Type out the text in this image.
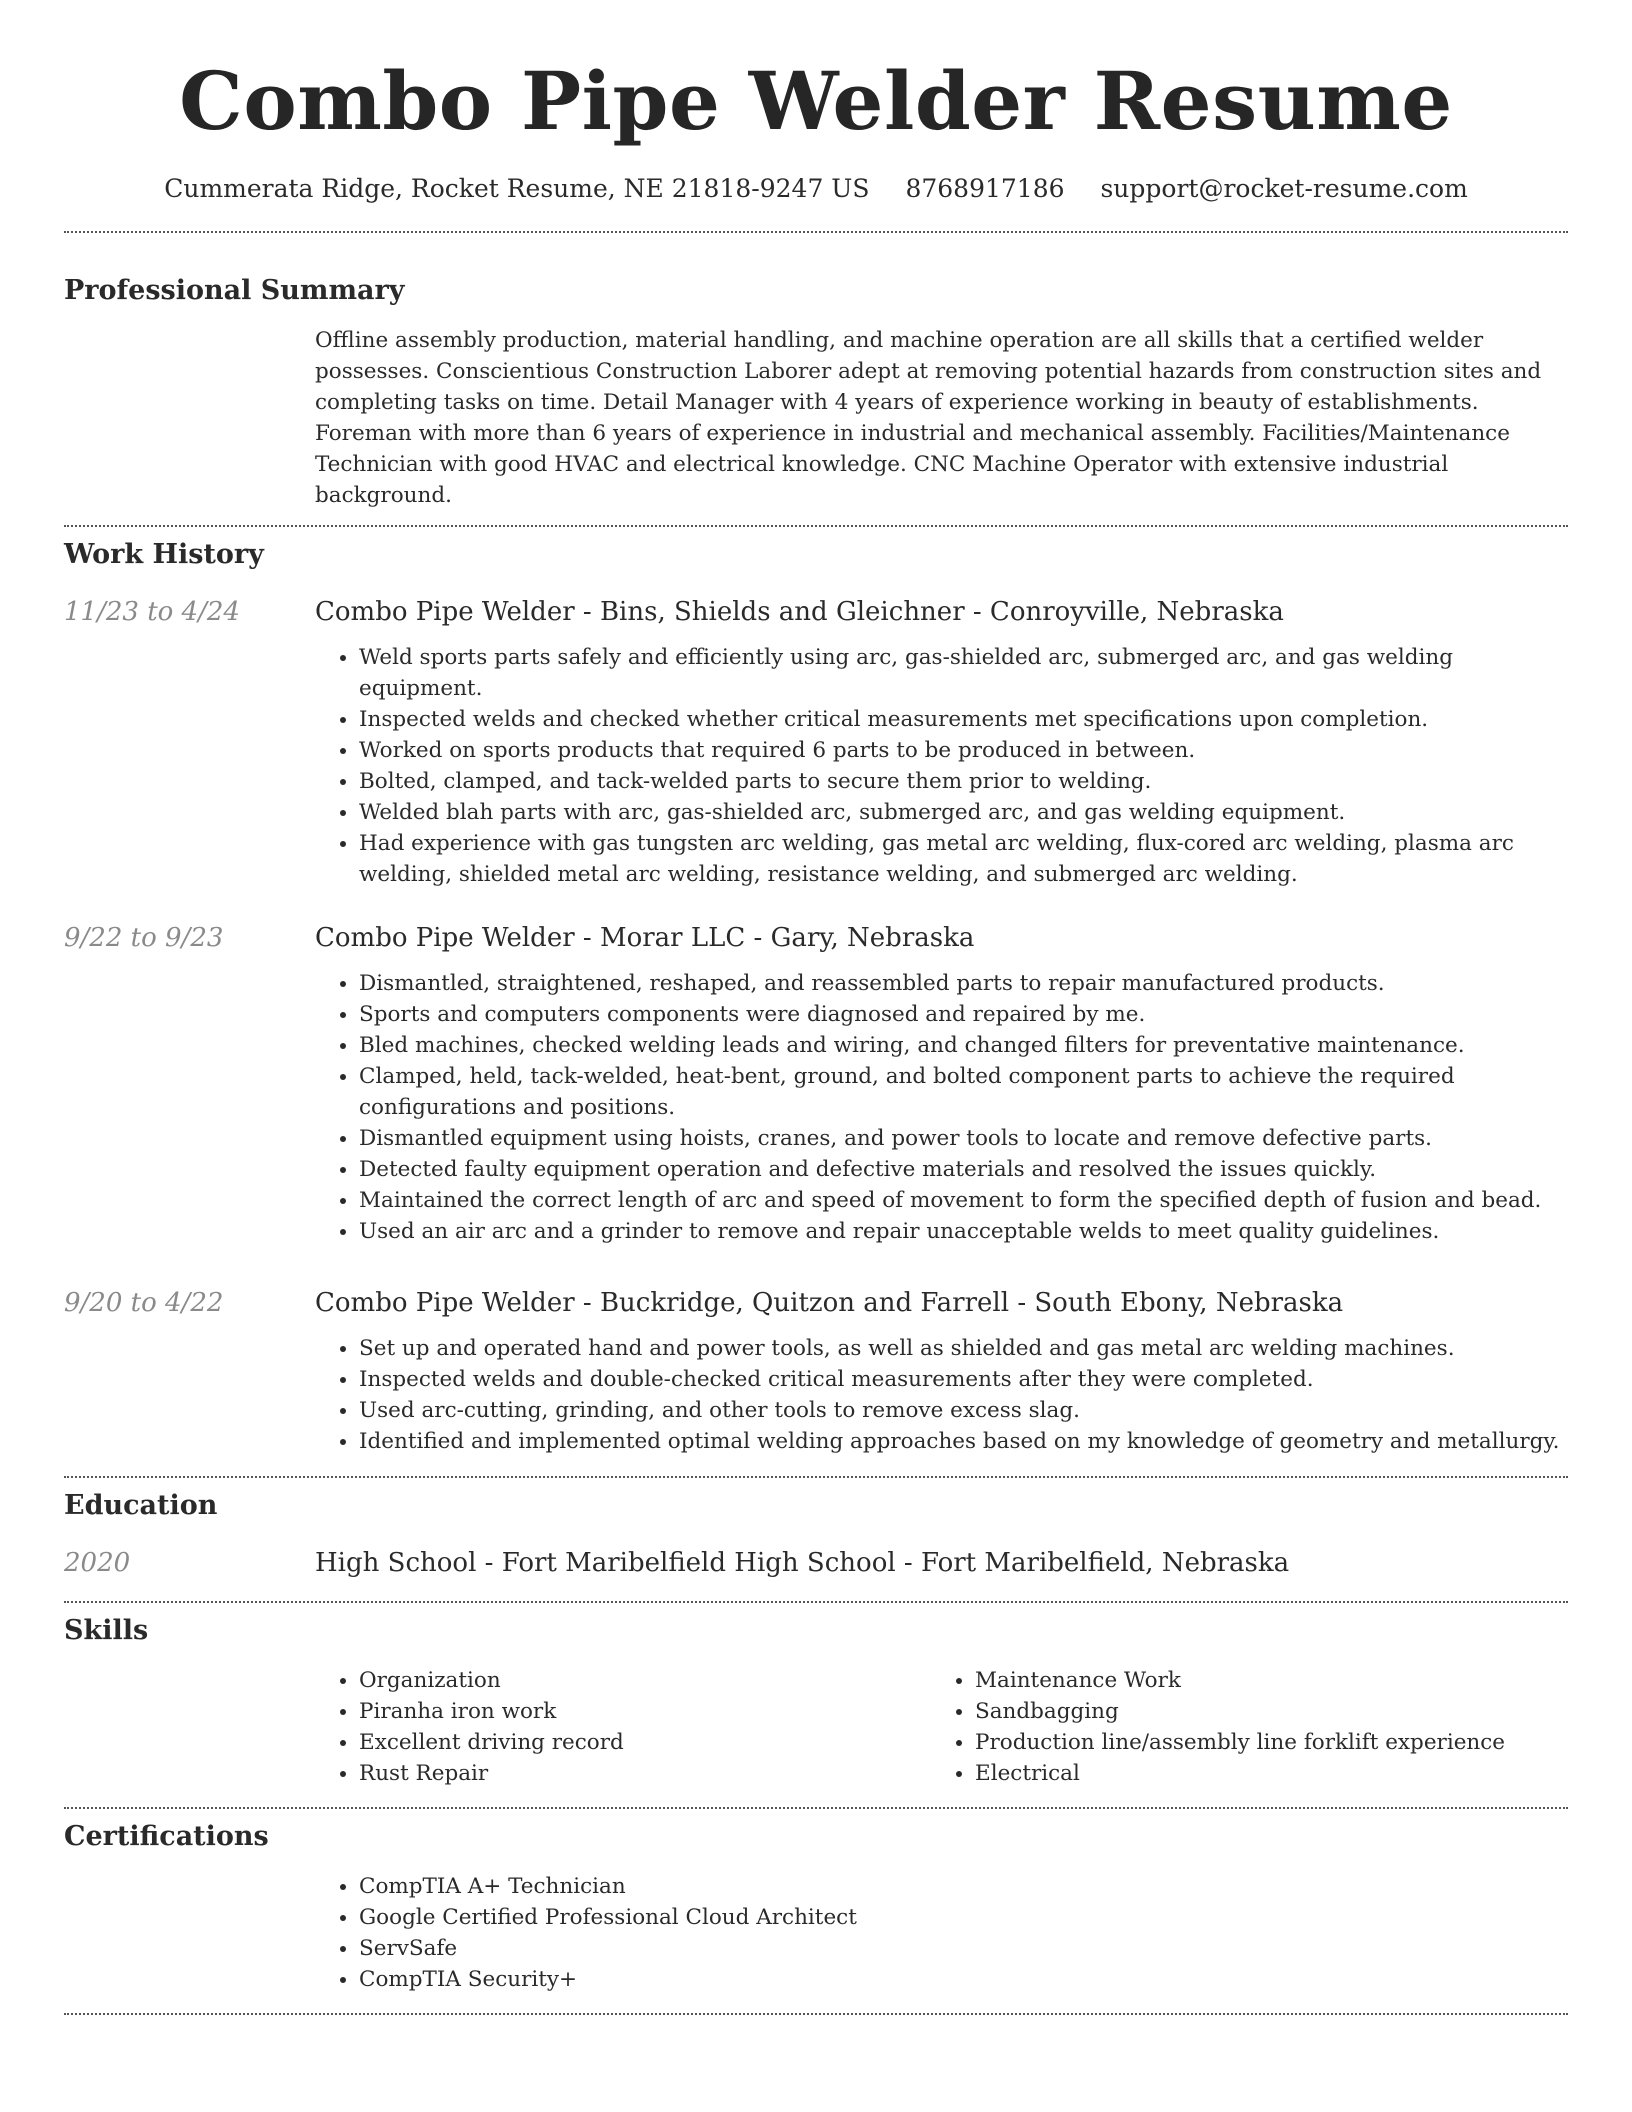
Combo Pipe Welder Resume
Cummerata Ridge, Rocket Resume, NE 21818-9247 US 8768917186 support@rocket-resume.com
Professional Summary

Offline assembly production, material handling, and machine operation are all skills that a certified welder possesses. Conscientious Construction Laborer adept at removing potential hazards from construction sites and completing tasks on time. Detail Manager with 4 years of experience working in beauty of establishments. Foreman with more than 6 years of experience in industrial and mechanical assembly. Facilities/Maintenance Technician with good HVAC and electrical knowledge. CNC Machine Operator with extensive industrial background.

Work History
11/23 to 4/24	Combo Pipe Welder - Bins, Shields and Gleichner - Conroyville, Nebraska
• Weld sports parts safely and efficiently using arc, gas-shielded arc, submerged arc, and gas welding equipment.
• Inspected welds and checked whether critical measurements met specifications upon completion.
• Worked on sports products that required 6 parts to be produced in between.
• Bolted, clamped, and tack-welded parts to secure them prior to welding.
• Welded blah parts with arc, gas-shielded arc, submerged arc, and gas welding equipment.
• Had experience with gas tungsten arc welding, gas metal arc welding, flux-cored arc welding, plasma arc welding, shielded metal arc welding, resistance welding, and submerged arc welding.
9/22 to 9/23	Combo Pipe Welder - Morar LLC - Gary, Nebraska
• Dismantled, straightened, reshaped, and reassembled parts to repair manufactured products.
• Sports and computers components were diagnosed and repaired by me.
• Bled machines, checked welding leads and wiring, and changed filters for preventative maintenance.
• Clamped, held, tack-welded, heat-bent, ground, and bolted component parts to achieve the required configurations and positions.
• Dismantled equipment using hoists, cranes, and power tools to locate and remove defective parts.
• Detected faulty equipment operation and defective materials and resolved the issues quickly.
• Maintained the correct length of arc and speed of movement to form the specified depth of fusion and bead.
• Used an air arc and a grinder to remove and repair unacceptable welds to meet quality guidelines.
9/20 to 4/22	Combo Pipe Welder - Buckridge, Quitzon and Farrell - South Ebony, Nebraska
• Set up and operated hand and power tools, as well as shielded and gas metal arc welding machines.
• Inspected welds and double-checked critical measurements after they were completed.
• Used arc-cutting, grinding, and other tools to remove excess slag.
• Identified and implemented optimal welding approaches based on my knowledge of geometry and metallurgy.
Education
2020	High School - Fort Maribelfield High School - Fort Maribelfield, Nebraska
Skills
• Organization
• Piranha iron work
• Excellent driving record
• Rust Repair
• Maintenance Work
• Sandbagging
• Production line/assembly line forklift experience
• Electrical
Certifications
• CompTIA A+ Technician
• Google Certified Professional Cloud Architect
• ServSafe
• CompTIA Security+
